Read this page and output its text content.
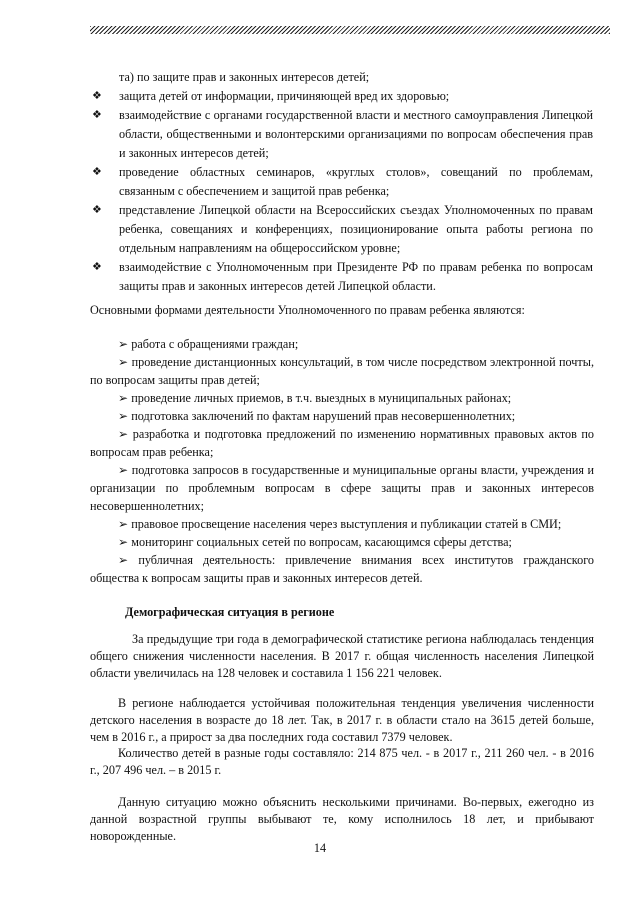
та) по защите прав и законных интересов детей;
❖ защита детей от информации, причиняющей вред их здоровью;
❖ взаимодействие с органами государственной власти и местного самоуправления Липецкой области, общественными и волонтерскими организациями по вопросам обеспечения прав и законных интересов детей;
❖ проведение областных семинаров, «круглых столов», совещаний по проблемам, связанным с обеспечением и защитой прав ребенка;
❖ представление Липецкой области на Всероссийских съездах Уполномоченных по правам ребенка, совещаниях и конференциях, позиционирование опыта работы региона по отдельным направлениям на общероссийском уровне;
❖ взаимодействие с Уполномоченным при Президенте РФ по правам ребенка по вопросам защиты прав и законных интересов детей Липецкой области.
Основными формами деятельности Уполномоченного по правам ребенка являются:
➢ работа с обращениями граждан;
➢ проведение дистанционных консультаций, в том числе посредством электронной почты, по вопросам защиты прав детей;
➢ проведение личных приемов, в т.ч. выездных в муниципальных районах;
➢ подготовка заключений по фактам нарушений прав несовершеннолетних;
➢ разработка и подготовка предложений по изменению нормативных правовых актов по вопросам прав ребенка;
➢ подготовка запросов в государственные и муниципальные органы власти, учреждения и организации по проблемным вопросам в сфере защиты прав и законных интересов несовершеннолетних;
➢ правовое просвещение населения через выступления и публикации статей в СМИ;
➢ мониторинг социальных сетей по вопросам, касающимся сферы детства;
➢ публичная деятельность: привлечение внимания всех институтов гражданского общества к вопросам защиты прав и законных интересов детей.
Демографическая ситуация в регионе
За предыдущие три года в демографической статистике региона наблюдалась тенденция общего снижения численности населения. В 2017 г. общая численность населения Липецкой области увеличилась на 128 человек и составила 1 156 221 человек.
В регионе наблюдается устойчивая положительная тенденция увеличения численности детского населения в возрасте до 18 лет. Так, в 2017 г. в области стало на 3615 детей больше, чем в 2016 г., а прирост за два последних года составил 7379 человек.
Количество детей в разные годы составляло: 214 875 чел. - в 2017 г., 211 260 чел. - в 2016 г., 207 496 чел. – в 2015 г.
Данную ситуацию можно объяснить несколькими причинами. Во-первых, ежегодно из данной возрастной группы выбывают те, кому исполнилось 18 лет, и прибывают новорожденные.
14
